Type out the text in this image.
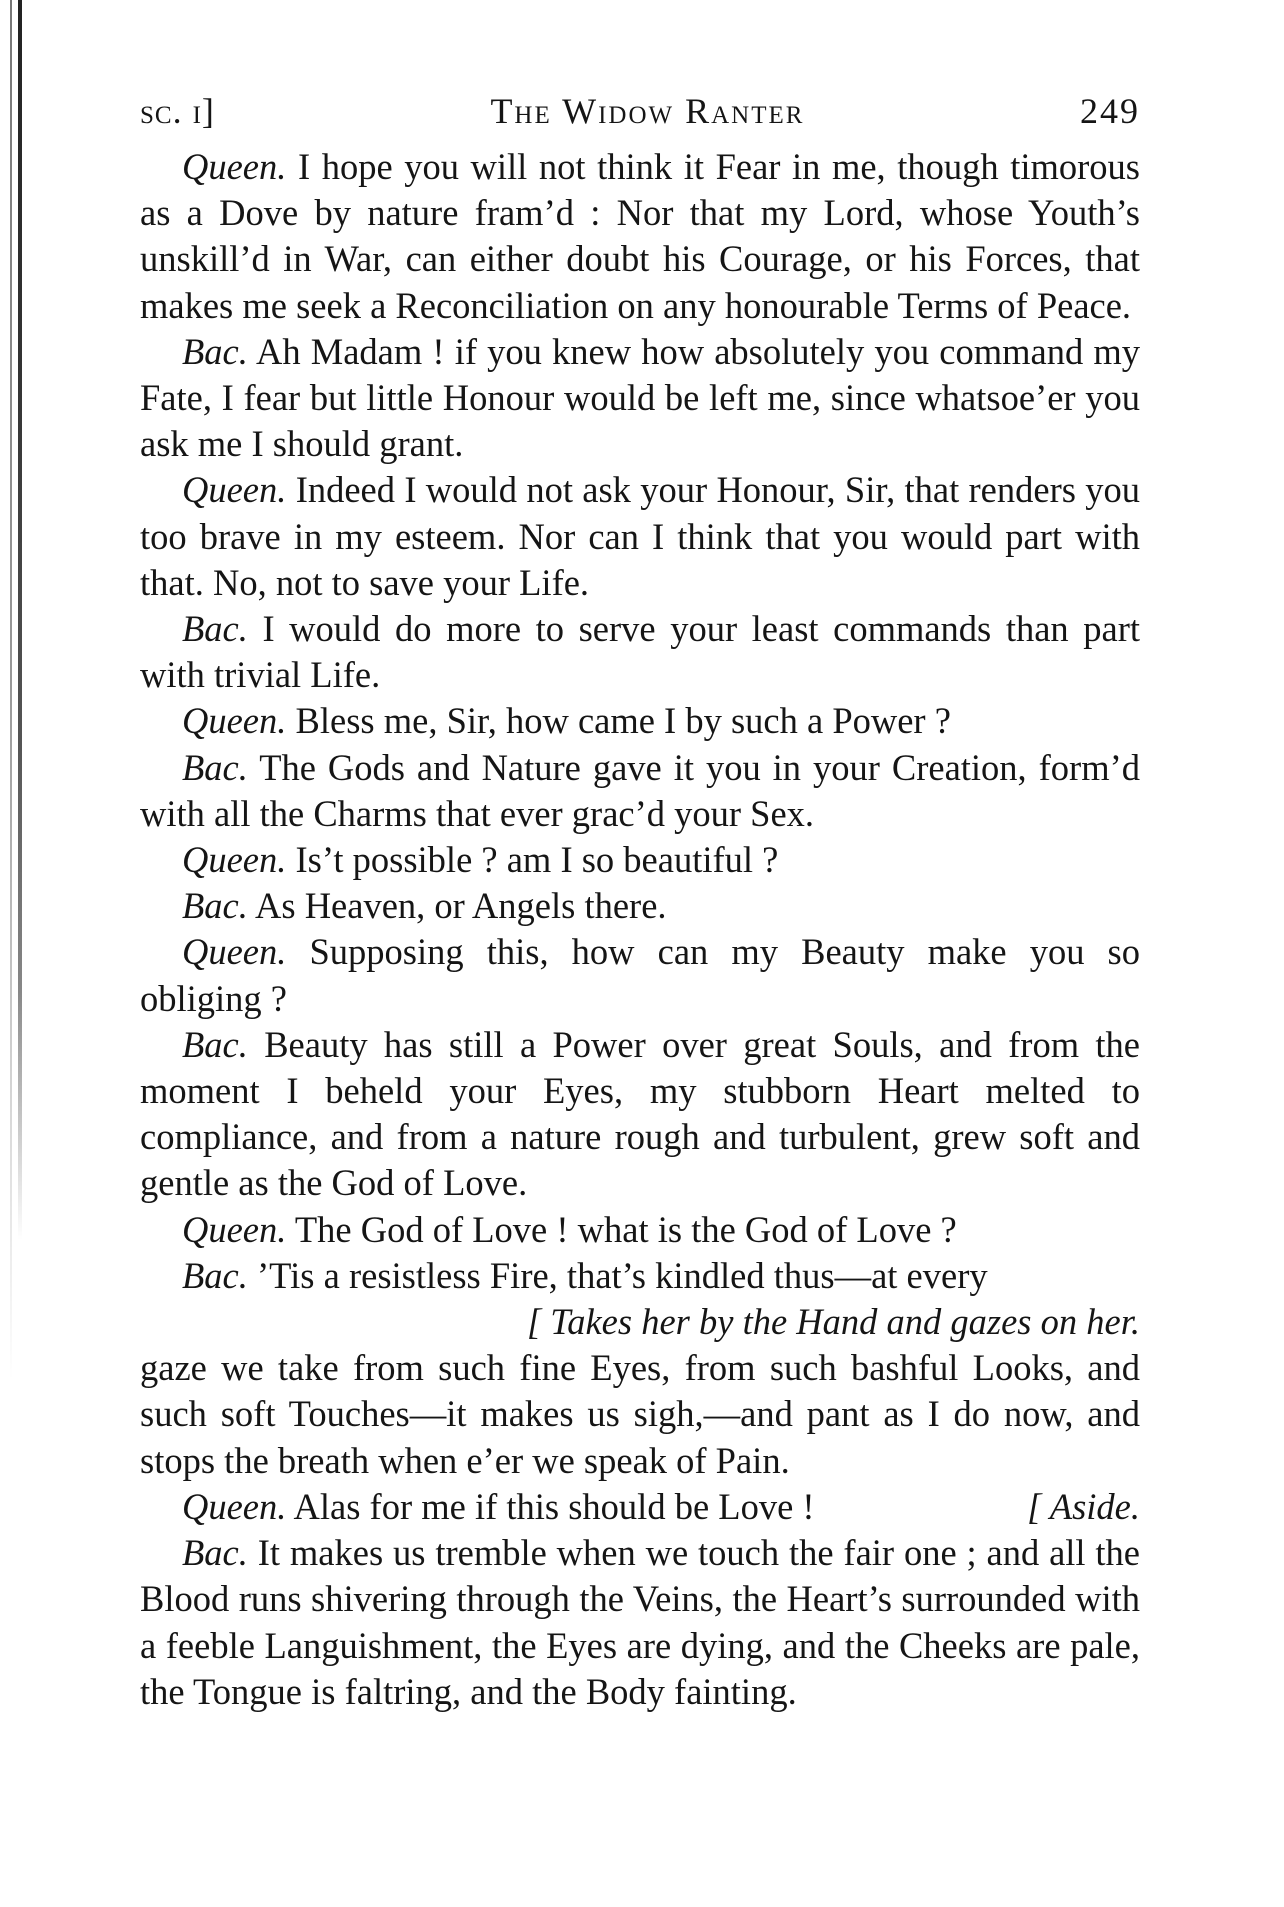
sc. i]	The Widow Ranter	249

Queen. I hope you will not think it Fear in me, though timorous as a Dove by nature fram’d : Nor that my Lord, whose Youth’s unskill’d in War, can either doubt his Courage, or his Forces, that makes me seek a Reconciliation on any honourable Terms of Peace.

Bac. Ah Madam ! if you knew how absolutely you command my Fate, I fear but little Honour would be left me, since whatsoe’er you ask me I should grant.

Queen. Indeed I would not ask your Honour, Sir, that renders you too brave in my esteem. Nor can I think that you would part with that. No, not to save your Life.

Bac. I would do more to serve your least commands than part with trivial Life.

Queen. Bless me, Sir, how came I by such a Power ?

Bac. The Gods and Nature gave it you in your Creation, form’d with all the Charms that ever grac’d your Sex.

Queen. Is’t possible ? am I so beautiful ?

Bac. As Heaven, or Angels there.

Queen. Supposing this, how can my Beauty make you so obliging ?

Bac. Beauty has still a Power over great Souls, and from the moment I beheld your Eyes, my stubborn Heart melted to compliance, and from a nature rough and turbulent, grew soft and gentle as the God of Love.

Queen. The God of Love ! what is the God of Love ?

Bac. ’Tis a resistless Fire, that’s kindled thus—at every

[ Takes her by the Hand and gazes on her.

gaze we take from such fine Eyes, from such bashful Looks, and such soft Touches—it makes us sigh,—and pant as I do now, and stops the breath when e’er we speak of Pain.

Queen. Alas for me if this should be Love !	[ Aside.

Bac. It makes us tremble when we touch the fair one ; and all the Blood runs shivering through the Veins, the Heart’s surrounded with a feeble Languishment, the Eyes are dying, and the Cheeks are pale, the Tongue is faltring, and the Body fainting.
